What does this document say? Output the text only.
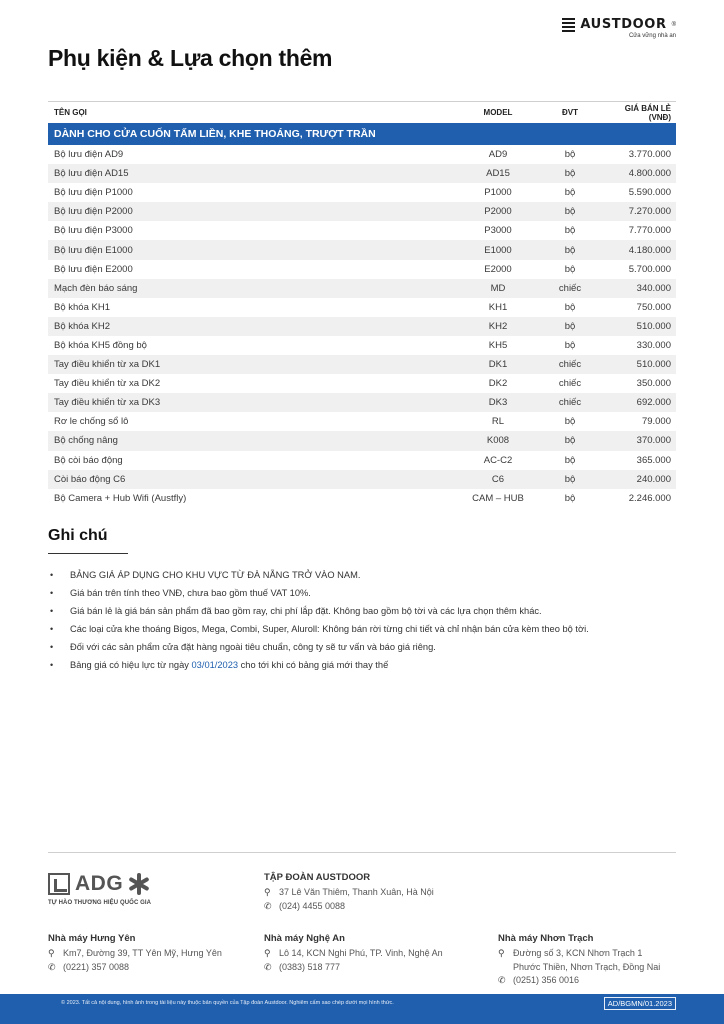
AUSTDOOR ®
Cửa vững nhà an
Phụ kiện & Lựa chọn thêm
TÊN GỌI	MODEL	ĐVT	GIÁ BÁN LẺ (VNĐ)
DÀNH CHO CỬA CUỐN TẤM LIỀN, KHE THOÁNG, TRƯỢT TRẦN
Bộ lưu điện AD9	AD9	bộ	3.770.000
Bộ lưu điện AD15	AD15	bộ	4.800.000
Bộ lưu điện P1000	P1000	bộ	5.590.000
Bộ lưu điện P2000	P2000	bộ	7.270.000
Bộ lưu điện P3000	P3000	bộ	7.770.000
Bộ lưu điện E1000	E1000	bộ	4.180.000
Bộ lưu điện E2000	E2000	bộ	5.700.000
Mạch đèn báo sáng	MD	chiếc	340.000
Bộ khóa KH1	KH1	bộ	750.000
Bộ khóa KH2	KH2	bộ	510.000
Bộ khóa KH5 đồng bộ	KH5	bộ	330.000
Tay điều khiển từ xa DK1	DK1	chiếc	510.000
Tay điều khiển từ xa DK2	DK2	chiếc	350.000
Tay điều khiển từ xa DK3	DK3	chiếc	692.000
Rơ le chống sổ lô	RL	bộ	79.000
Bộ chống nâng	K008	bộ	370.000
Bộ còi báo động	AC-C2	bộ	365.000
Còi báo động C6	C6	bộ	240.000
Bộ Camera + Hub Wifi (Austfly)	CAM – HUB	bộ	2.246.000
Ghi chú
• BẢNG GIÁ ÁP DỤNG CHO KHU VỰC TỪ ĐÀ NẴNG TRỞ VÀO NAM.
• Giá bán trên tính theo VNĐ, chưa bao gồm thuế VAT 10%.
• Giá bán lẻ là giá bán sản phẩm đã bao gồm ray, chi phí lắp đặt. Không bao gồm bộ tời và các lựa chọn thêm khác.
• Các loại cửa khe thoáng Bigos, Mega, Combi, Super, Aluroll: Không bán rời từng chi tiết và chỉ nhận bán cửa kèm theo bộ tời.
• Đối với các sản phẩm cửa đặt hàng ngoài tiêu chuẩn, công ty sẽ tư vấn và báo giá riêng.
• Bảng giá có hiệu lực từ ngày 03/01/2023 cho tới khi có bảng giá mới thay thế
ADG
TỰ HÀO THƯƠNG HIỆU QUỐC GIA
TẬP ĐOÀN AUSTDOOR
⚲ 37 Lê Văn Thiêm, Thanh Xuân, Hà Nội
✆ (024) 4455 0088
Nhà máy Hưng Yên
⚲ Km7, Đường 39, TT Yên Mỹ, Hưng Yên
✆ (0221) 357 0088
Nhà máy Nghệ An
⚲ Lô 14, KCN Nghi Phú, TP. Vinh, Nghệ An
✆ (0383) 518 777
Nhà máy Nhơn Trạch
⚲ Đường số 3, KCN Nhơn Trạch 1
Phước Thiền, Nhơn Trạch, Đồng Nai
✆ (0251) 356 0016
© 2023. Tất cả nội dung, hình ảnh trong tài liệu này thuộc bản quyền của Tập đoàn Austdoor. Nghiêm cấm sao chép dưới mọi hình thức.	AD/BGMN/01.2023
